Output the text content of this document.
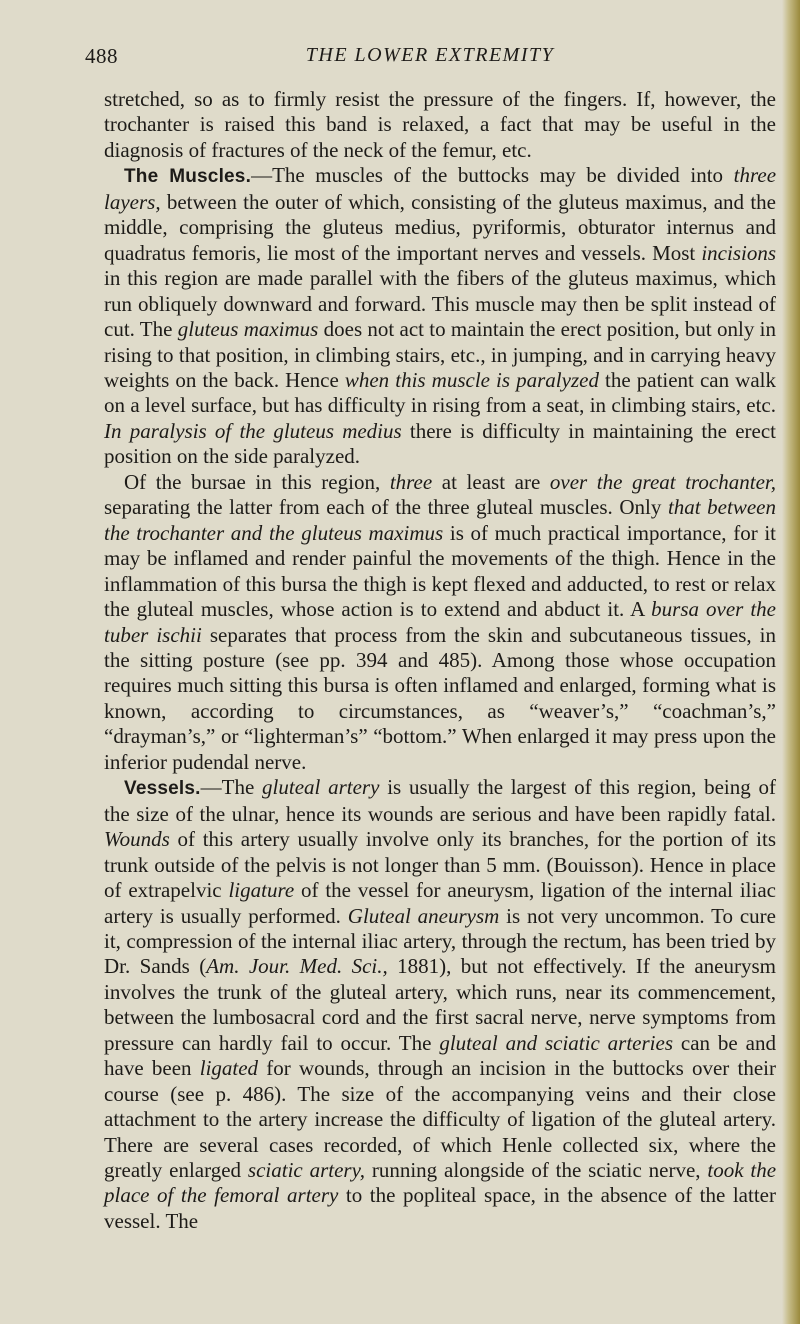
488	THE LOWER EXTREMITY

stretched, so as to firmly resist the pressure of the fingers. If, however, the trochanter is raised this band is relaxed, a fact that may be useful in the diagnosis of fractures of the neck of the femur, etc.

The Muscles.—The muscles of the buttocks may be divided into three layers, between the outer of which, consisting of the gluteus maximus, and the middle, comprising the gluteus medius, pyriformis, obturator internus and quadratus femoris, lie most of the important nerves and vessels. Most incisions in this region are made parallel with the fibers of the gluteus maximus, which run obliquely downward and forward. This muscle may then be split instead of cut. The gluteus maximus does not act to maintain the erect position, but only in rising to that position, in climbing stairs, etc., in jumping, and in carrying heavy weights on the back. Hence when this muscle is paralyzed the patient can walk on a level surface, but has difficulty in rising from a seat, in climbing stairs, etc. In paralysis of the gluteus medius there is difficulty in maintaining the erect position on the side paralyzed.

Of the bursae in this region, three at least are over the great trochanter, separating the latter from each of the three gluteal muscles. Only that between the trochanter and the gluteus maximus is of much practical importance, for it may be inflamed and render painful the movements of the thigh. Hence in the inflammation of this bursa the thigh is kept flexed and adducted, to rest or relax the gluteal muscles, whose action is to extend and abduct it. A bursa over the tuber ischii separates that process from the skin and subcutaneous tissues, in the sitting posture (see pp. 394 and 485). Among those whose occupation requires much sitting this bursa is often inflamed and enlarged, forming what is known, according to circumstances, as “weaver’s,” “coachman’s,” “drayman’s,” or “lighterman’s” “bottom.” When enlarged it may press upon the inferior pudendal nerve.

Vessels.—The gluteal artery is usually the largest of this region, being of the size of the ulnar, hence its wounds are serious and have been rapidly fatal. Wounds of this artery usually involve only its branches, for the portion of its trunk outside of the pelvis is not longer than 5 mm. (Bouisson). Hence in place of extrapelvic ligature of the vessel for aneurysm, ligation of the internal iliac artery is usually performed. Gluteal aneurysm is not very uncommon. To cure it, compression of the internal iliac artery, through the rectum, has been tried by Dr. Sands (Am. Jour. Med. Sci., 1881), but not effectively. If the aneurysm involves the trunk of the gluteal artery, which runs, near its commencement, between the lumbosacral cord and the first sacral nerve, nerve symptoms from pressure can hardly fail to occur. The gluteal and sciatic arteries can be and have been ligated for wounds, through an incision in the buttocks over their course (see p. 486). The size of the accompanying veins and their close attachment to the artery increase the difficulty of ligation of the gluteal artery. There are several cases recorded, of which Henle collected six, where the greatly enlarged sciatic artery, running alongside of the sciatic nerve, took the place of the femoral artery to the popliteal space, in the absence of the latter vessel. The
